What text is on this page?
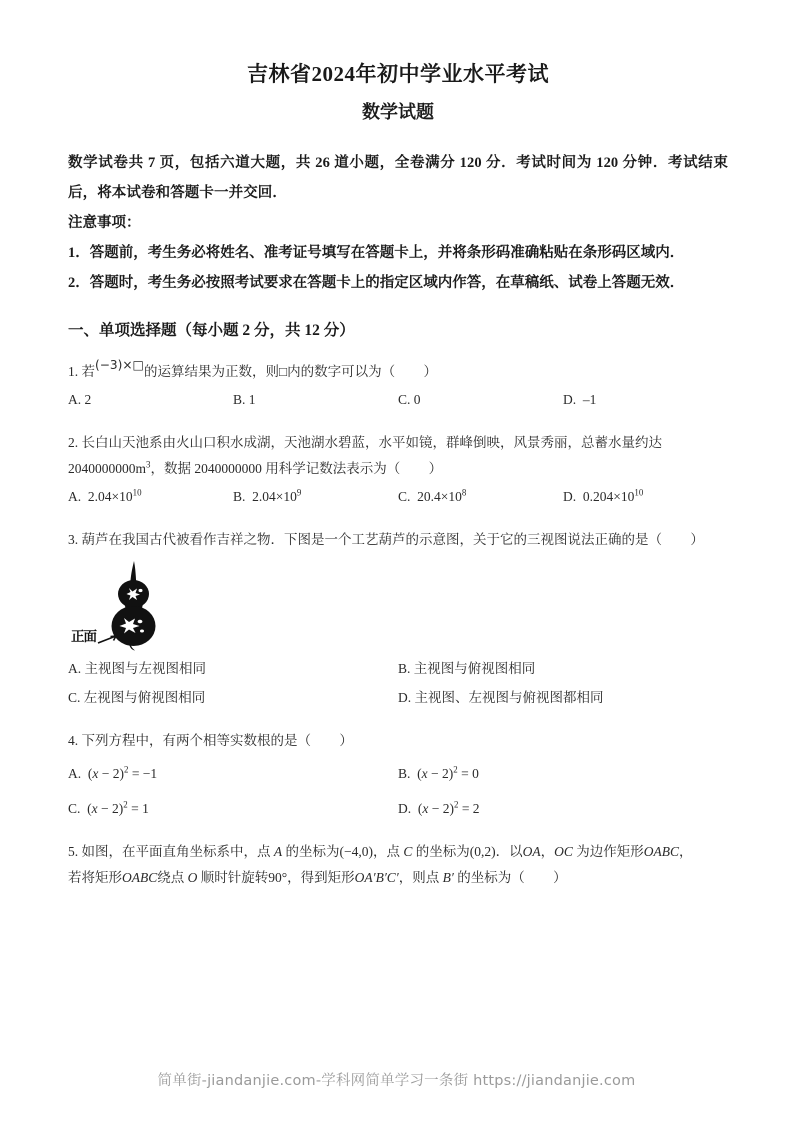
吉林省2024年初中学业水平考试
数学试题
数学试卷共 7 页，包括六道大题，共 26 道小题，全卷满分 120 分．考试时间为 120 分钟．考试结束后，将本试卷和答题卡一并交回．
注意事项：
1．答题前，考生务必将姓名、准考证号填写在答题卡上，并将条形码准确粘贴在条形码区域内．
2．答题时，考生务必按照考试要求在答题卡上的指定区域内作答，在草稿纸、试卷上答题无效．
一、单项选择题（每小题 2 分，共 12 分）
1. 若(−3)×□的运算结果为正数，则□内的数字可以为（ ）
A. 2	B. 1	C. 0	D. –1
2. 长白山天池系由火山口积水成湖，天池湖水碧蓝，水平如镜，群峰倒映，风景秀丽，总蓄水量约达
$2040000000m^3$，数据 2040000000 用科学记数法表示为（ ）
A. $2.04\times 10^{10}$	B. $2.04\times 10^9$	C. $20.4\times 10^8$	D. $0.204\times 10^{10}$
3. 葫芦在我国古代被看作吉祥之物．下图是一个工艺葫芦的示意图，关于它的三视图说法正确的是（ ）
正面
A. 主视图与左视图相同	B. 主视图与俯视图相同
C. 左视图与俯视图相同	D. 主视图、左视图与俯视图都相同
4. 下列方程中，有两个相等实数根的是（ ）
A.  $(x - 2)^2 = -1$	B.  $(x - 2)^2 = 0$
C.  $(x - 2)^2 = 1$	D.  $(x - 2)^2 = 2$
5. 如图，在平面直角坐标系中，点 A 的坐标为(−4,0)，点 C 的坐标为(0,2)．以OA，OC 为边作矩形OABC，
若将矩形OABC绕点 O 顺时针旋转90°，得到矩形OA′B′C′，则点 B′ 的坐标为（ ）
简单街-jiandanjie.com-学科网简单学习一条街 https://jiandanjie.com
